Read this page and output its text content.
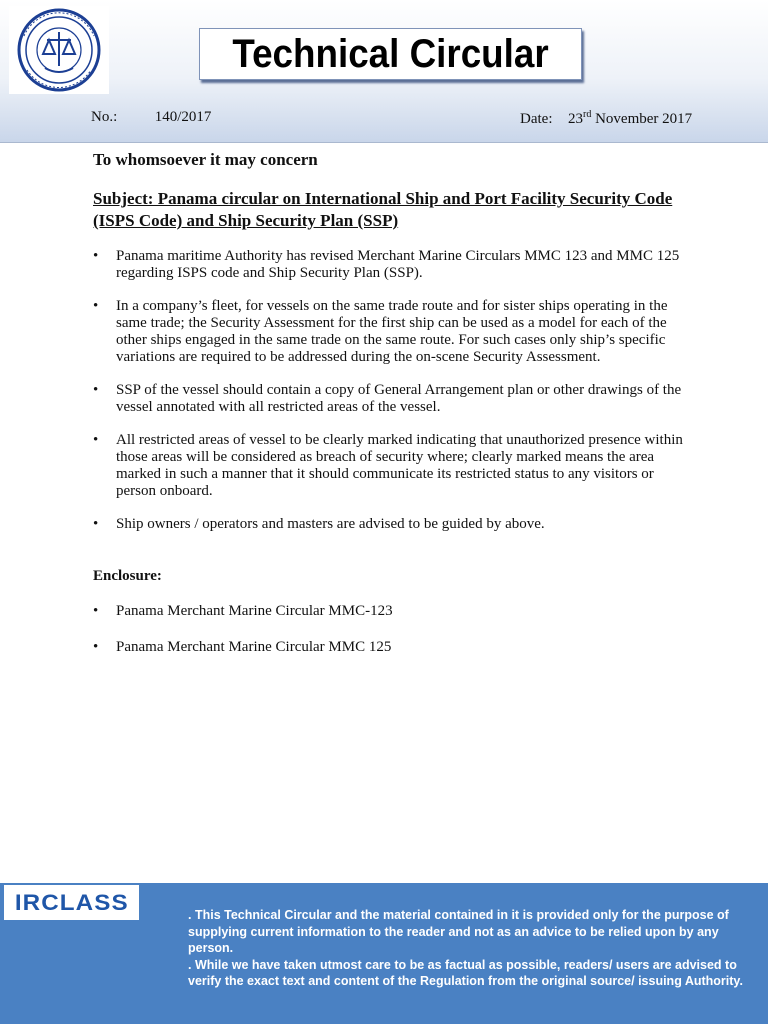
Technical Circular
No.:	140/2017	Date: 23rd November 2017
To whomsoever it may concern
Subject: Panama circular on International Ship and Port Facility Security Code (ISPS Code) and Ship Security Plan (SSP)
• Panama maritime Authority has revised Merchant Marine Circulars MMC 123 and MMC 125 regarding ISPS code and Ship Security Plan (SSP).
• In a company’s fleet, for vessels on the same trade route and for sister ships operating in the same trade; the Security Assessment for the first ship can be used as a model for each of the other ships engaged in the same trade on the same route. For such cases only ship’s specific variations are required to be addressed during the on-scene Security Assessment.
• SSP of the vessel should contain a copy of General Arrangement plan or other drawings of the vessel annotated with all restricted areas of the vessel.
• All restricted areas of vessel to be clearly marked indicating that unauthorized presence within those areas will be considered as breach of security where; clearly marked means the area marked in such a manner that it should communicate its restricted status to any visitors or person onboard.
• Ship owners / operators and masters are advised to be guided by above.
Enclosure:
• Panama Merchant Marine Circular MMC-123
• Panama Merchant Marine Circular MMC 125
IRCLASS	. This Technical Circular and the material contained in it is provided only for the purpose of supplying current information to the reader and not as an advice to be relied upon by any person.

. While we have taken utmost care to be as factual as possible, readers/ users are advised to verify the exact text and content of the Regulation from the original source/ issuing Authority.
